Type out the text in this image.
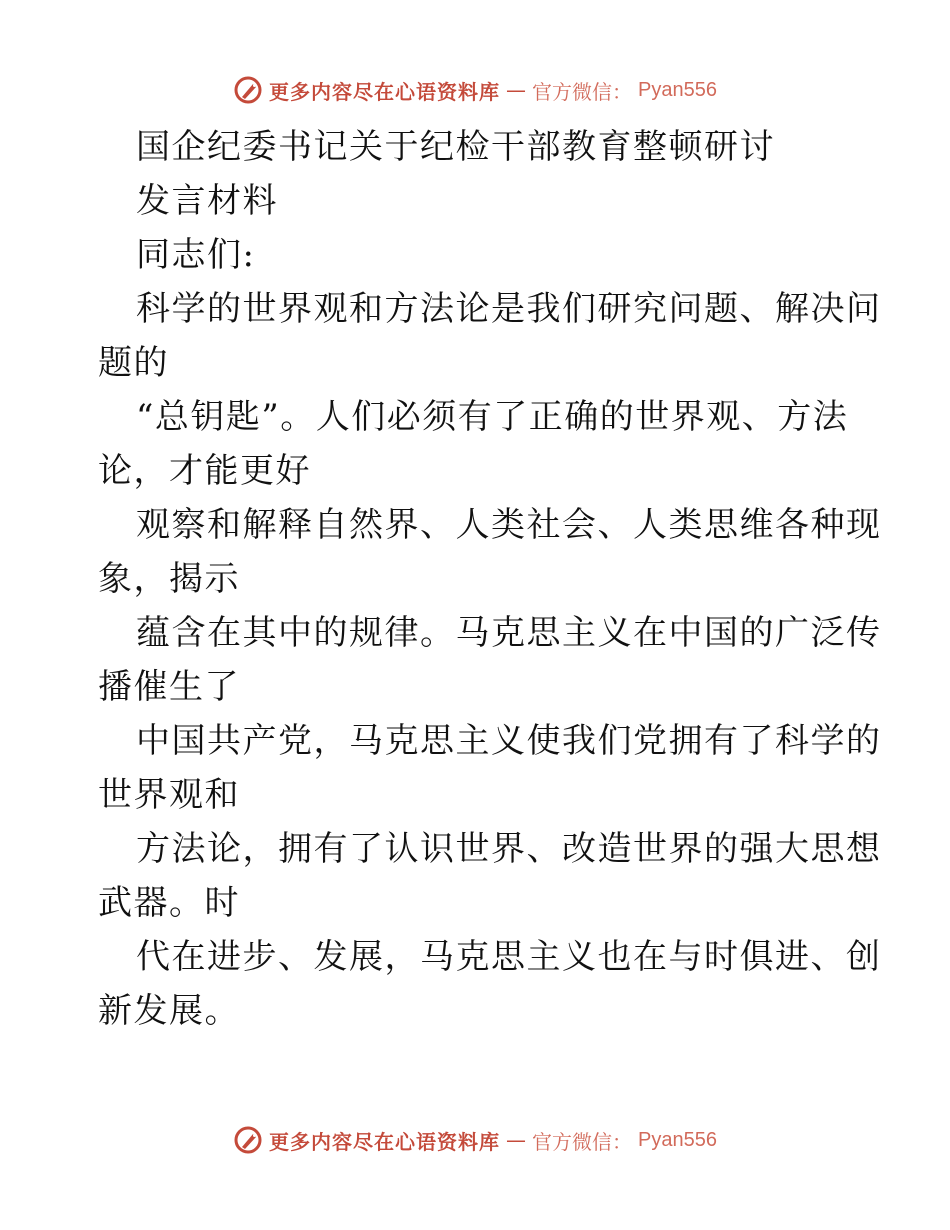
更多内容尽在心语资料库 — 官方微信： Pyan556
国企纪委书记关于纪检干部教育整顿研讨
发言材料
同志们:
科学的世界观和方法论是我们研究问题、解决问
题的
“总钥匙”。人们必须有了正确的世界观、方法
论，才能更好
观察和解释自然界、人类社会、人类思维各种现
象，揭示
蕴含在其中的规律。马克思主义在中国的广泛传
播催生了
中国共产党，马克思主义使我们党拥有了科学的
世界观和
方法论，拥有了认识世界、改造世界的强大思想
武器。时
代在进步、发展，马克思主义也在与时俱进、创
新发展。
更多内容尽在心语资料库 — 官方微信： Pyan556
